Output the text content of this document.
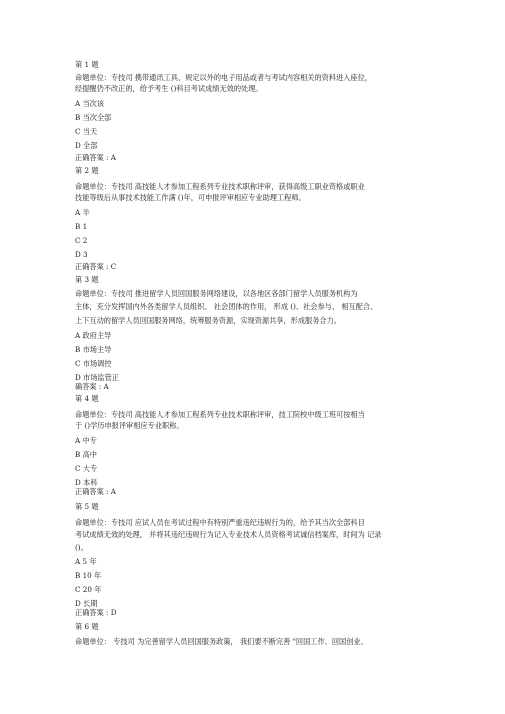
第 1 题
命题单位：专技司 携带通讯工具、规定以外的电子用品或者与考试内容相关的资料进入座位，
经提醒仍不改正的，给予考生 ()科目考试成绩无效的处理。
A 当次该
B 当次全部
C 当天
D 全部
正确答案 : A
第 2 题
命题单位：专技司 高技能人才参加工程系列专业技术职称评审，获得高级工职业资格或职业
技能等级后从事技术技能工作满 ()年，可申报评审相应专业助理工程师。
A 半
B 1
C 2
D 3
正确答案 : C
第 3 题
命题单位：专技司 推进留学人员回国服务网络建设，以各地区各部门留学人员服务机构为
主体，充分发挥国内外各类留学人员组织、 社会团体的作用， 形成 ()、社会参与、 相互配合、
上下互动的留学人员回国服务网络，统筹服务资源，实现资源共享，形成服务合力。
A 政府主导
B 市场主导
C 市场调控
D 市场监管正
确答案 : A
第 4 题
命题单位：专技司 高技能人才参加工程系列专业技术职称评审，技工院校中级工班可按相当
于 ()学历申报评审相应专业职称。
A 中专
B 高中
C 大专
D 本科
正确答案 : A
第 5 题
命题单位：专技司 应试人员在考试过程中有特别严重违纪违规行为的，给予其当次全部科目
考试成绩无效的处理， 并将其违纪违规行为记入专业技术人员资格考试诚信档案库，时间为 记录
()。
A 5 年
B 10 年
C 20 年
D 长期
正确答案 : D
第 6 题
命题单位： 专技司 为完善留学人员回国服务政策， 我们要不断完善 "回国工作、回国创业、
